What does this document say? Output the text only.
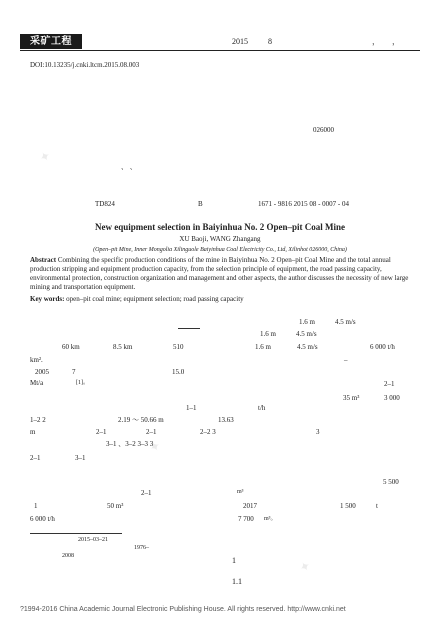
采矿工程	2015	8	， ，
DOI:10.13235/j.cnki.ltcm.2015.08.003
026000
、 、
TD824	B	1671 - 9816 2015 08 - 0007 - 04
New equipment selection in Baiyinhua No. 2 Open–pit Coal Mine
XU Baoji, WANG Zhangang
(Open–pit Mine, Inner Mongolia Xilinguole Baiyinhua Coal Electricity Co., Ltd, Xilinhot 026000, China)
Abstract Combining the specific production conditions of the mine in Baiyinhua No. 2 Open–pit Coal Mine and the total annual production stripping and equipment production capacity, from the selection principle of equipment, the road passing capacity, environmental protection, construction organization and management and other aspects, the author discusses the necessity of new large mining and transportation equipment.
Key words: open–pit coal mine; equipment selection; road passing capacity
60 km	8.5 km	510
km².
2005	7	15.0
Mt/a	[1]。
1.6 m	4.5 m/s
1.6 m	4.5 m/s
1.6 m	4.5 m/s	6 000 t/h
–
2–1
35 m³	3 000
1–1	t/h
1–2 2	2.19 ～ 50.66 m	13.63
m	2–1	2–1	2–2 3	3
3–1 、3–2 3–3 3
2–1	3–1
5 500
2–1	m³
1	50 m³	2017	1 500	t
6 000 t/h	7 700 m³。
1
1.1
2015–03–21
1976–
2008
?1994-2016 China Academic Journal Electronic Publishing House. All rights reserved. http://www.cnki.net
✦
✦
✦
